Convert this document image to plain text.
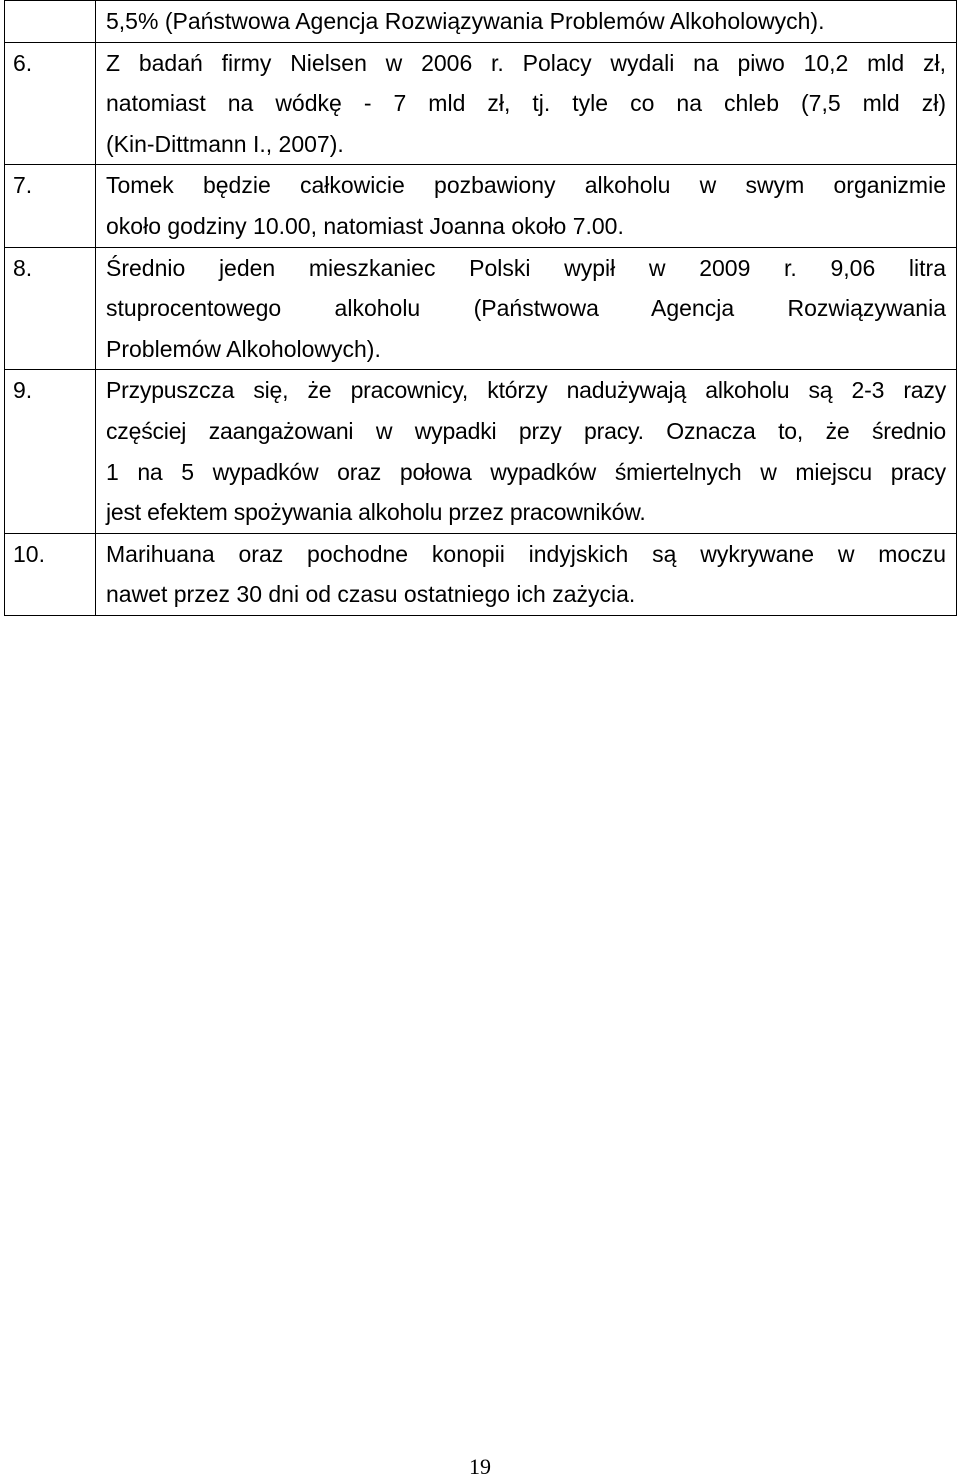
	5,5% (Państwowa Agencja Rozwiązywania Problemów Alkoholowych).

6.	Z badań firmy Nielsen w 2006 r. Polacy wydali na piwo 10,2 mld zł,
natomiast na wódkę - 7 mld zł, tj. tyle co na chleb (7,5 mld zł)
(Kin-Dittmann I., 2007).

7.	Tomek będzie całkowicie pozbawiony alkoholu w swym organizmie
około godziny 10.00, natomiast Joanna około 7.00.

8.	Średnio jeden mieszkaniec Polski wypił w 2009 r. 9,06 litra
stuprocentowego alkoholu (Państwowa Agencja Rozwiązywania
Problemów Alkoholowych).

9.	Przypuszcza się, że pracownicy, którzy nadużywają alkoholu są 2-3 razy
częściej zaangażowani w wypadki przy pracy. Oznacza to, że średnio
1 na 5 wypadków oraz połowa wypadków śmiertelnych w miejscu pracy
jest efektem spożywania alkoholu przez pracowników.

10.	Marihuana oraz pochodne konopii indyjskich są wykrywane w moczu
nawet przez 30 dni od czasu ostatniego ich zażycia.
19
